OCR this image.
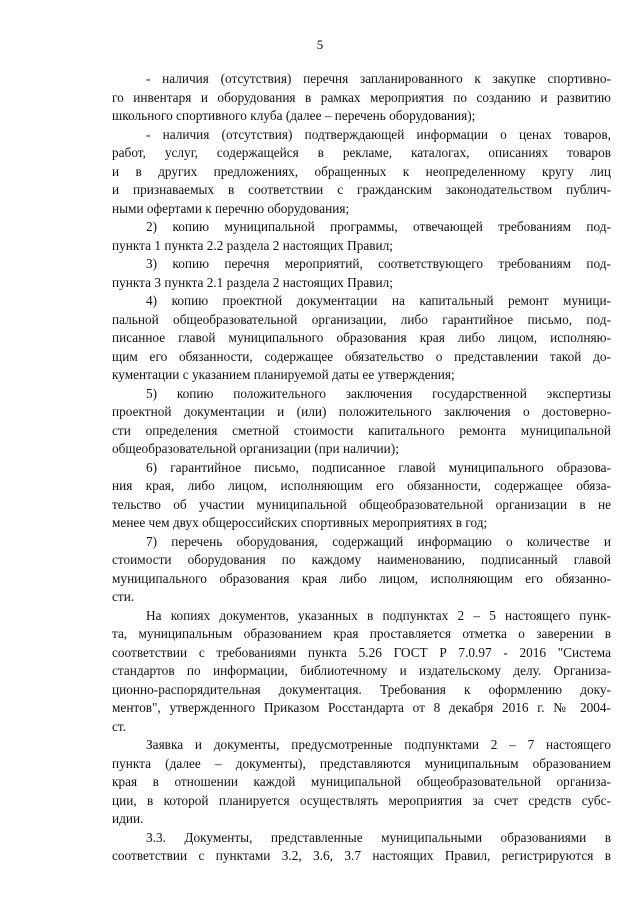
5
- наличия (отсутствия) перечня запланированного к закупке спортивно-
го инвентаря и оборудования в рамках мероприятия по созданию и развитию
школьного спортивного клуба (далее – перечень оборудования);
- наличия (отсутствия) подтверждающей информации о ценах товаров,
работ, услуг, содержащейся в рекламе, каталогах, описаниях товаров
и в других предложениях, обращенных к неопределенному кругу лиц
и признаваемых в соответствии с гражданским законодательством публич-
ными офертами к перечню оборудования;
2) копию муниципальной программы, отвечающей требованиям под-
пункта 1 пункта 2.2 раздела 2 настоящих Правил;
3) копию перечня мероприятий, соответствующего требованиям под-
пункта 3 пункта 2.1 раздела 2 настоящих Правил;
4) копию проектной документации на капитальный ремонт муници-
пальной общеобразовательной организации, либо гарантийное письмо, под-
писанное главой муниципального образования края либо лицом, исполняю-
щим его обязанности, содержащее обязательство о представлении такой до-
кументации с указанием планируемой даты ее утверждения;
5) копию положительного заключения государственной экспертизы
проектной документации и (или) положительного заключения о достоверно-
сти определения сметной стоимости капитального ремонта муниципальной
общеобразовательной организации (при наличии);
6) гарантийное письмо, подписанное главой муниципального образова-
ния края, либо лицом, исполняющим его обязанности, содержащее обяза-
тельство об участии муниципальной общеобразовательной организации в не
менее чем двух общероссийских спортивных мероприятиях в год;
7) перечень оборудования, содержащий информацию о количестве и
стоимости оборудования по каждому наименованию, подписанный главой
муниципального образования края либо лицом, исполняющим его обязанно-
сти.
На копиях документов, указанных в подпунктах 2 – 5 настоящего пунк-
та, муниципальным образованием края проставляется отметка о заверении в
соответствии с требованиями пункта 5.26 ГОСТ Р 7.0.97 - 2016 "Система
стандартов по информации, библиотечному и издательскому делу. Организа-
ционно-распорядительная документация. Требования к оформлению доку-
ментов", утвержденного Приказом Росстандарта от 8 декабря 2016 г. № 2004-
ст.
Заявка и документы, предусмотренные подпунктами 2 – 7 настоящего
пункта (далее – документы), представляются муниципальным образованием
края в отношении каждой муниципальной общеобразовательной организа-
ции, в которой планируется осуществлять мероприятия за счет средств субс-
идии.
3.3. Документы, представленные муниципальными образованиями в
соответствии с пунктами 3.2, 3.6, 3.7 настоящих Правил, регистрируются в
